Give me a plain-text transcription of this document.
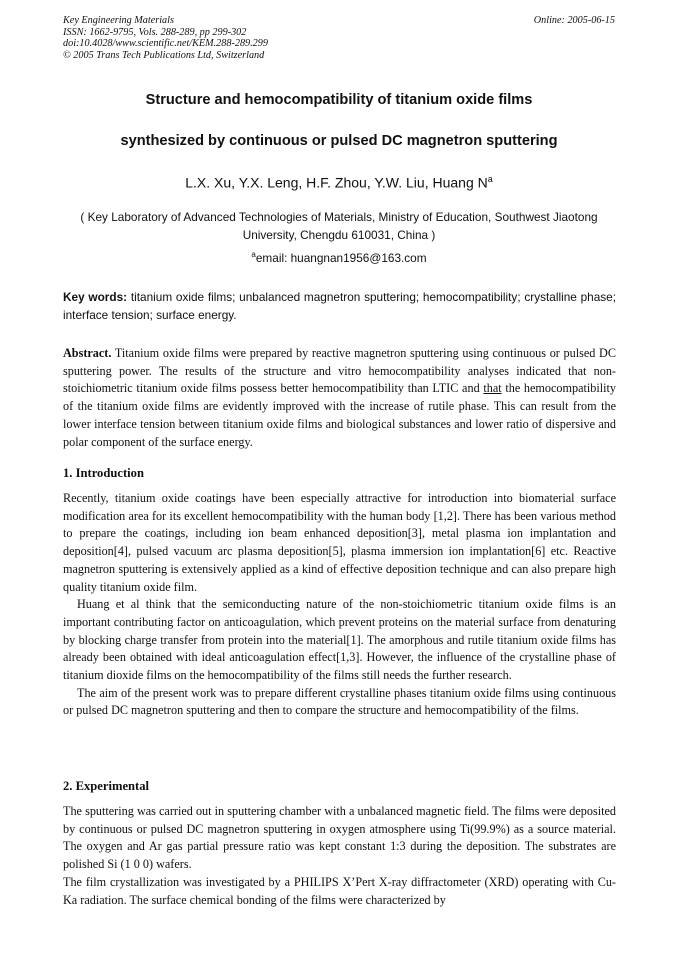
Key Engineering Materials
ISSN: 1662-9795, Vols. 288-289, pp 299-302
doi:10.4028/www.scientific.net/KEM.288-289.299
© 2005 Trans Tech Publications Ltd, Switzerland
Online: 2005-06-15
Structure and hemocompatibility of titanium oxide films
synthesized by continuous or pulsed DC magnetron sputtering
L.X. Xu, Y.X. Leng, H.F. Zhou, Y.W. Liu, Huang $N^a$
( Key Laboratory of Advanced Technologies of Materials, Ministry of Education, Southwest Jiaotong University, Chengdu 610031, China )
$^a$email: huangnan1956@163.com
Key words: titanium oxide films; unbalanced magnetron sputtering; hemocompatibility; crystalline phase; interface tension; surface energy.

Abstract. Titanium oxide films were prepared by reactive magnetron sputtering using continuous or pulsed DC sputtering power. The results of the structure and vitro hemocompatibility analyses indicated that non-stoichiometric titanium oxide films possess better hemocompatibility than LTIC and that the hemocompatibility of the titanium oxide films are evidently improved with the increase of rutile phase. This can result from the lower interface tension between titanium oxide films and biological substances and lower ratio of dispersive and polar component of the surface energy.

1. Introduction

Recently, titanium oxide coatings have been especially attractive for introduction into biomaterial surface modification area for its excellent hemocompatibility with the human body [1,2]. There has been various method to prepare the coatings, including ion beam enhanced deposition[3], metal plasma ion implantation and deposition[4], pulsed vacuum arc plasma deposition[5], plasma immersion ion implantation[6] etc. Reactive magnetron sputtering is extensively applied as a kind of effective deposition technique and can also prepare high quality titanium oxide film.

Huang et al think that the semiconducting nature of the non-stoichiometric titanium oxide films is an important contributing factor on anticoagulation, which prevent proteins on the material surface from denaturing by blocking charge transfer from protein into the material[1]. The amorphous and rutile titanium oxide films has already been obtained with ideal anticoagulation effect[1,3]. However, the influence of the crystalline phase of titanium dioxide films on the hemocompatibility of the films still needs the further research.

The aim of the present work was to prepare different crystalline phases titanium oxide films using continuous or pulsed DC magnetron sputtering and then to compare the structure and hemocompatibility of the films.

2. Experimental

The sputtering was carried out in sputtering chamber with a unbalanced magnetic field. The films were deposited by continuous or pulsed DC magnetron sputtering in oxygen atmosphere using Ti(99.9%) as a source material. The oxygen and Ar gas partial pressure ratio was kept constant 1:3 during the deposition. The substrates are polished Si (1 0 0) wafers.

The film crystallization was investigated by a PHILIPS X’Pert X-ray diffractometer (XRD) operating with Cu-Ka radiation. The surface chemical bonding of the films were characterized by
